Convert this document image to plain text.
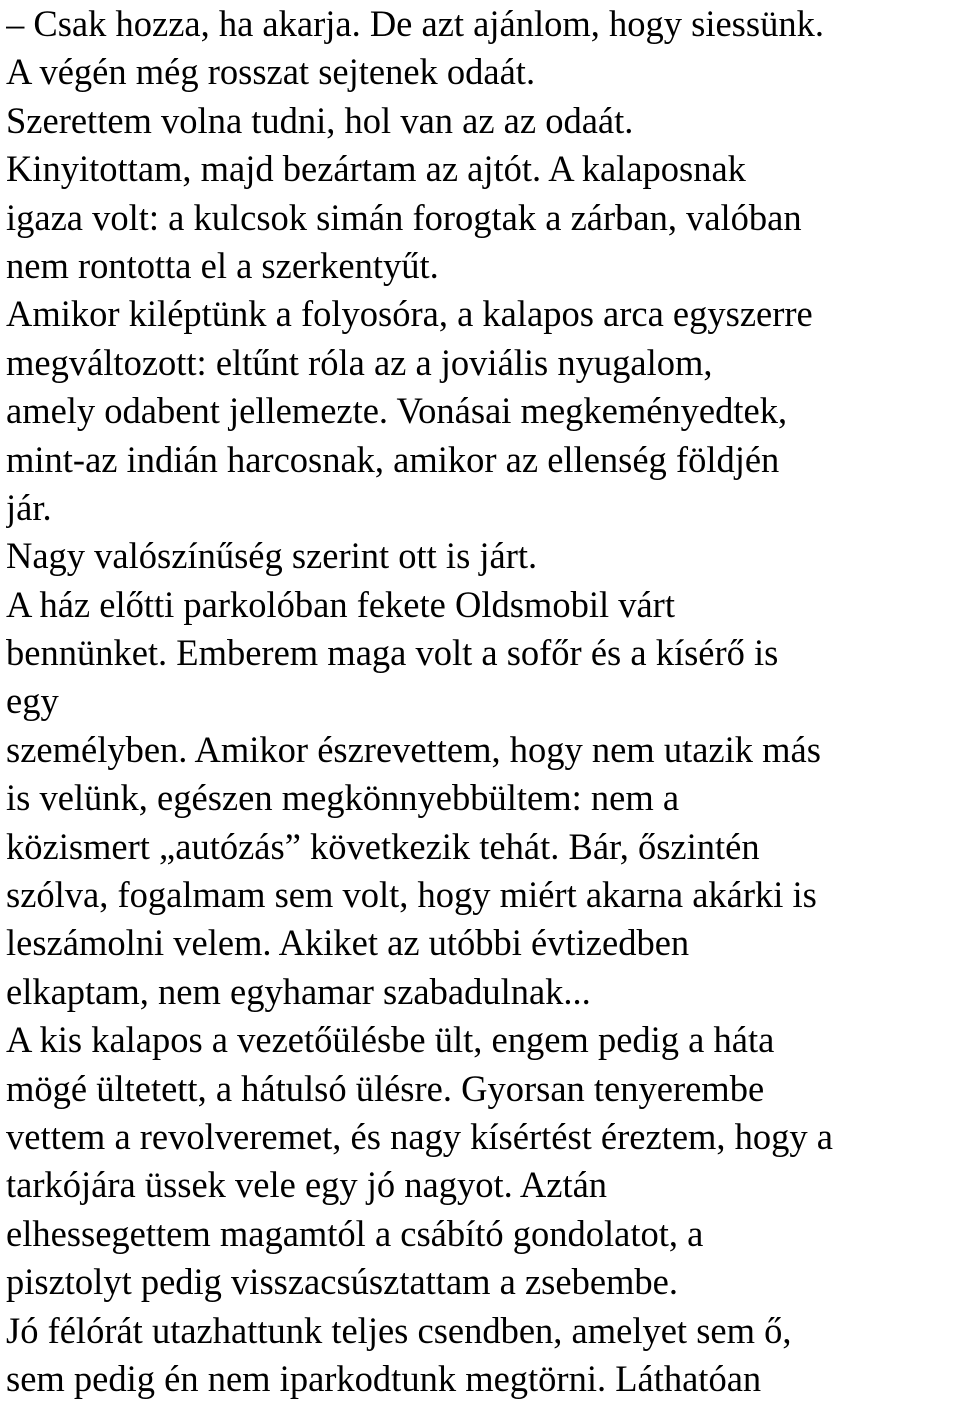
– Csak hozza, ha akarja. De azt ajánlom, hogy siessünk.
A végén még rosszat sejtenek odaát.
Szerettem volna tudni, hol van az az odaát.
Kinyitottam, majd bezártam az ajtót. A kalaposnak
igaza volt: a kulcsok simán forogtak a zárban, valóban
nem rontotta el a szerkentyűt.
Amikor kiléptünk a folyosóra, a kalapos arca egyszerre
megváltozott: eltűnt róla az a joviális nyugalom,
amely odabent jellemezte. Vonásai megkeményedtek,
mint-az indián harcosnak, amikor az ellenség földjén
jár.
Nagy valószínűség szerint ott is járt.
A ház előtti parkolóban fekete Oldsmobil várt
bennünket. Emberem maga volt a sofőr és a kísérő is
egy
személyben. Amikor észrevettem, hogy nem utazik más
is velünk, egészen megkönnyebbültem: nem a
közismert „autózás” következik tehát. Bár, őszintén
szólva, fogalmam sem volt, hogy miért akarna akárki is
leszámolni velem. Akiket az utóbbi évtizedben
elkaptam, nem egyhamar szabadulnak...
A kis kalapos a vezetőülésbe ült, engem pedig a háta
mögé ültetett, a hátulsó ülésre. Gyorsan tenyerembe
vettem a revolveremet, és nagy kísértést éreztem, hogy a
tarkójára üssek vele egy jó nagyot. Aztán
elhessegettem magamtól a csábító gondolatot, a
pisztolyt pedig visszacsúsztattam a zsebembe.
Jó félórát utazhattunk teljes csendben, amelyet sem ő,
sem pedig én nem iparkodtunk megtörni. Láthatóan
